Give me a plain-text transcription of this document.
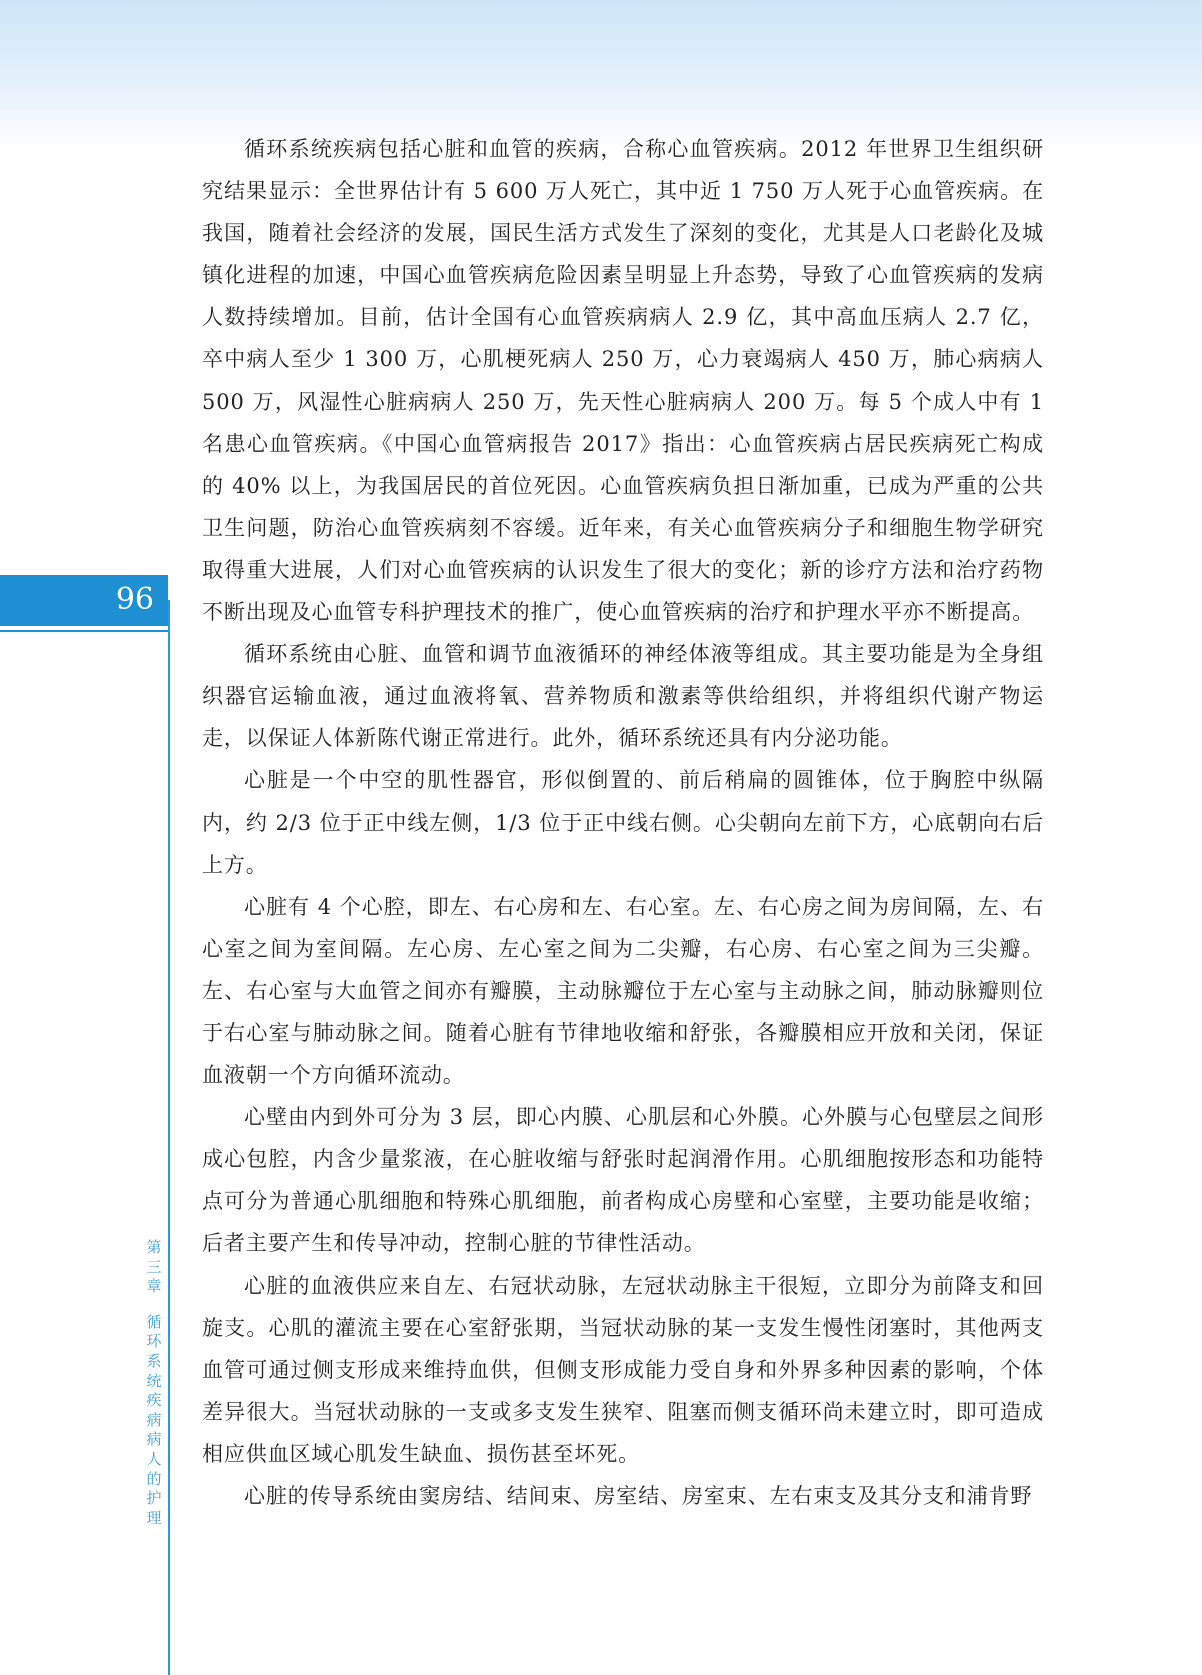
96
第三章
循环系统疾病病人的护理

循环系统疾病包括心脏和血管的疾病，合称心血管疾病。2012 年世界卫生组织研究结果显示：全世界估计有 5 600 万人死亡，其中近 1 750 万人死于心血管疾病。在我国，随着社会经济的发展，国民生活方式发生了深刻的变化，尤其是人口老龄化及城镇化进程的加速，中国心血管疾病危险因素呈明显上升态势，导致了心血管疾病的发病人数持续增加。目前，估计全国有心血管疾病病人 2.9 亿，其中高血压病人 2.7 亿，卒中病人至少 1 300 万，心肌梗死病人 250 万，心力衰竭病人 450 万，肺心病病人 500 万，风湿性心脏病病人 250 万，先天性心脏病病人 200 万。每 5 个成人中有 1 名患心血管疾病。《中国心血管病报告 2017》指出：心血管疾病占居民疾病死亡构成的 40% 以上，为我国居民的首位死因。心血管疾病负担日渐加重，已成为严重的公共卫生问题，防治心血管疾病刻不容缓。近年来，有关心血管疾病分子和细胞生物学研究取得重大进展，人们对心血管疾病的认识发生了很大的变化；新的诊疗方法和治疗药物不断出现及心血管专科护理技术的推广，使心血管疾病的治疗和护理水平亦不断提高。

循环系统由心脏、血管和调节血液循环的神经体液等组成。其主要功能是为全身组织器官运输血液，通过血液将氧、营养物质和激素等供给组织，并将组织代谢产物运走，以保证人体新陈代谢正常进行。此外，循环系统还具有内分泌功能。

心脏是一个中空的肌性器官，形似倒置的、前后稍扁的圆锥体，位于胸腔中纵隔内，约 2/3 位于正中线左侧，1/3 位于正中线右侧。心尖朝向左前下方，心底朝向右后上方。

心脏有 4 个心腔，即左、右心房和左、右心室。左、右心房之间为房间隔，左、右心室之间为室间隔。左心房、左心室之间为二尖瓣，右心房、右心室之间为三尖瓣。左、右心室与大血管之间亦有瓣膜，主动脉瓣位于左心室与主动脉之间，肺动脉瓣则位于右心室与肺动脉之间。随着心脏有节律地收缩和舒张，各瓣膜相应开放和关闭，保证血液朝一个方向循环流动。

心壁由内到外可分为 3 层，即心内膜、心肌层和心外膜。心外膜与心包壁层之间形成心包腔，内含少量浆液，在心脏收缩与舒张时起润滑作用。心肌细胞按形态和功能特点可分为普通心肌细胞和特殊心肌细胞，前者构成心房壁和心室壁，主要功能是收缩；后者主要产生和传导冲动，控制心脏的节律性活动。

心脏的血液供应来自左、右冠状动脉，左冠状动脉主干很短，立即分为前降支和回旋支。心肌的灌流主要在心室舒张期，当冠状动脉的某一支发生慢性闭塞时，其他两支血管可通过侧支形成来维持血供，但侧支形成能力受自身和外界多种因素的影响，个体差异很大。当冠状动脉的一支或多支发生狭窄、阻塞而侧支循环尚未建立时，即可造成相应供血区域心肌发生缺血、损伤甚至坏死。

心脏的传导系统由窦房结、结间束、房室结、房室束、左右束支及其分支和浦肯野
